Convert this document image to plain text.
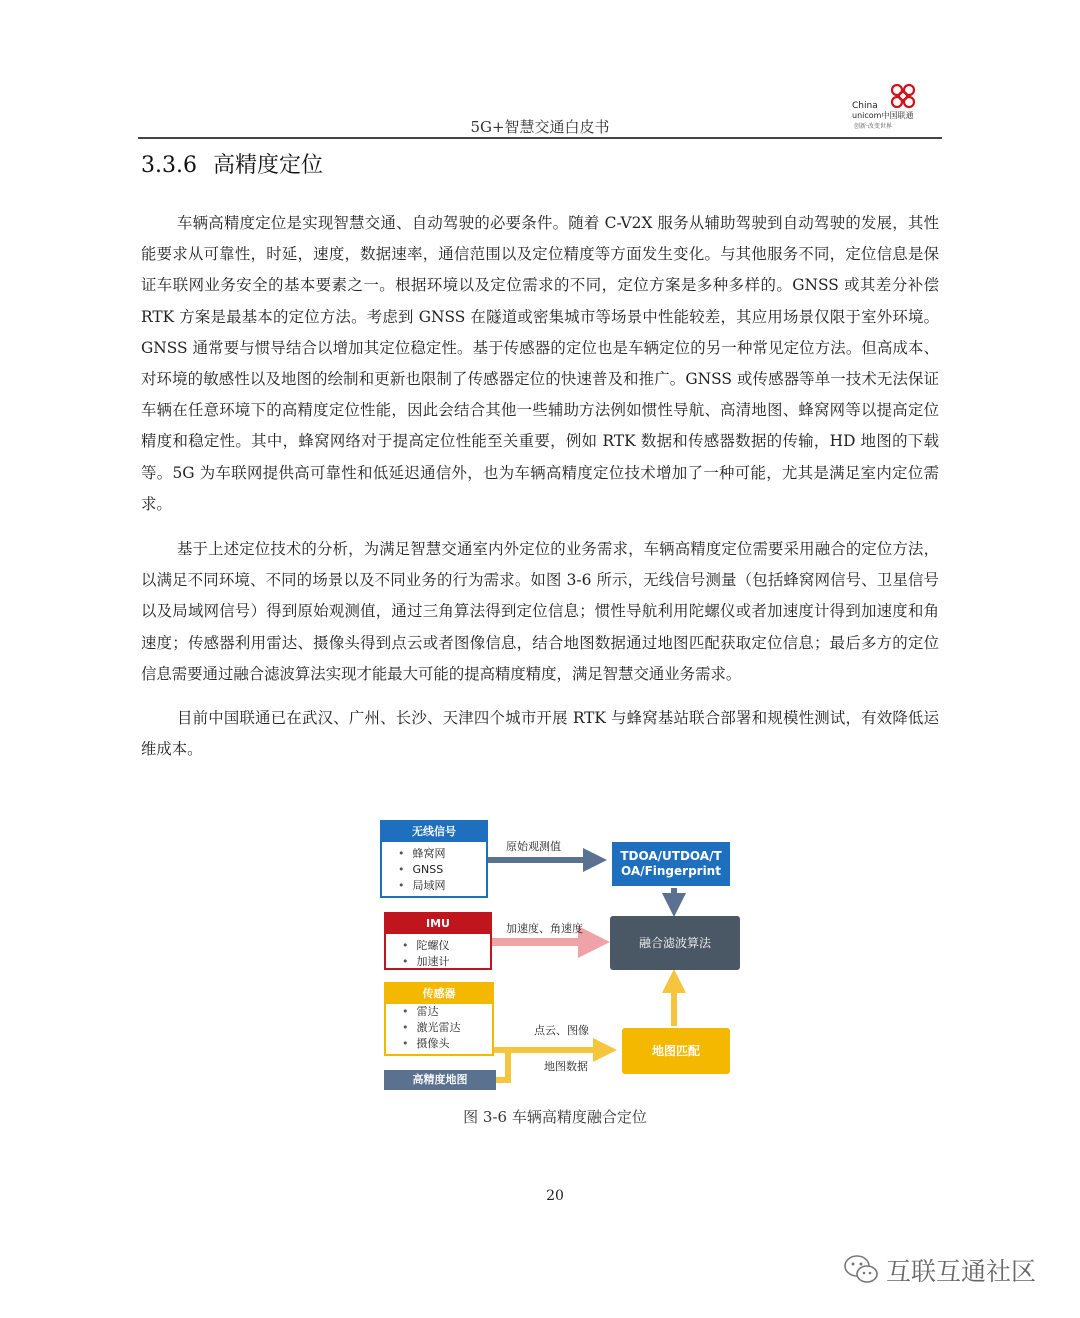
5G+智慧交通白皮书
China
unicom中国联通
创新·改变世界
3.3.6 高精度定位
车辆高精度定位是实现智慧交通、自动驾驶的必要条件。随着 C-V2X 服务从辅助驾驶到自动驾驶的发展，其性能要求从可靠性，时延，速度，数据速率，通信范围以及定位精度等方面发生变化。与其他服务不同，定位信息是保证车联网业务安全的基本要素之一。根据环境以及定位需求的不同，定位方案是多种多样的。GNSS 或其差分补偿 RTK 方案是最基本的定位方法。考虑到 GNSS 在隧道或密集城市等场景中性能较差，其应用场景仅限于室外环境。GNSS 通常要与惯导结合以增加其定位稳定性。基于传感器的定位也是车辆定位的另一种常见定位方法。但高成本、对环境的敏感性以及地图的绘制和更新也限制了传感器定位的快速普及和推广。GNSS 或传感器等单一技术无法保证车辆在任意环境下的高精度定位性能，因此会结合其他一些辅助方法例如惯性导航、高清地图、蜂窝网等以提高定位精度和稳定性。其中，蜂窝网络对于提高定位性能至关重要，例如 RTK 数据和传感器数据的传输，HD 地图的下载等。5G 为车联网提供高可靠性和低延迟通信外，也为车辆高精度定位技术增加了一种可能，尤其是满足室内定位需求。
基于上述定位技术的分析，为满足智慧交通室内外定位的业务需求，车辆高精度定位需要采用融合的定位方法，以满足不同环境、不同的场景以及不同业务的行为需求。如图 3-6 所示，无线信号测量（包括蜂窝网信号、卫星信号以及局域网信号）得到原始观测值，通过三角算法得到定位信息；惯性导航利用陀螺仪或者加速度计得到加速度和角速度；传感器利用雷达、摄像头得到点云或者图像信息，结合地图数据通过地图匹配获取定位信息；最后多方的定位信息需要通过融合滤波算法实现才能最大可能的提高精度精度，满足智慧交通业务需求。
目前中国联通已在武汉、广州、长沙、天津四个城市开展 RTK 与蜂窝基站联合部署和规模性测试，有效降低运维成本。
无线信号
• 蜂窝网
• GNSS
• 局域网
IMU
• 陀螺仪
• 加速计
传感器
• 雷达
• 激光雷达
• 摄像头
高精度地图
TDOA/UTDOA/TOA/Fingerprint
融合滤波算法
地图匹配
原始观测值
加速度、角速度
点云、图像
地图数据
图 3-6 车辆高精度融合定位
20
互联互通社区
